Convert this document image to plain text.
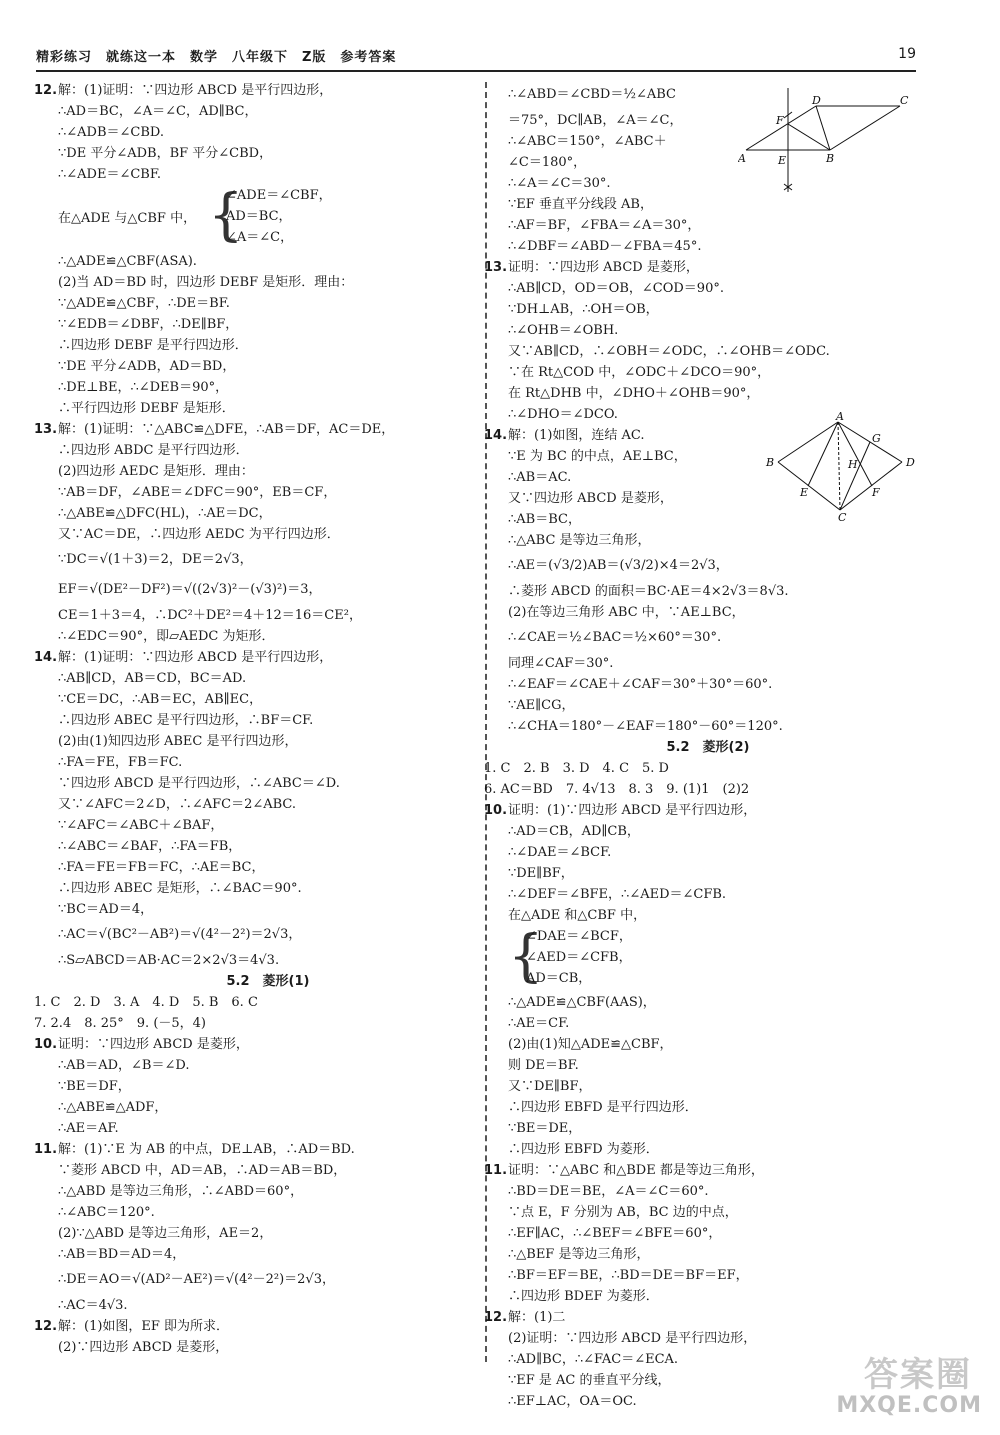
精彩练习　就练这一本　数学　八年级下　Z版　参考答案	19
12. 解：(1)证明：∵四边形 ABCD 是平行四边形，
∴AD＝BC，∠A＝∠C，AD∥BC，
∴∠ADB＝∠CBD.
∵DE 平分∠ADB，BF 平分∠CBD，
∴∠ADE＝∠CBF.
在△ADE 与△CBF 中， {
∠ADE＝∠CBF，
AD＝BC，
∠A＝∠C，
∴△ADE≌△CBF(ASA).
(2)当 AD＝BD 时，四边形 DEBF 是矩形．理由：
∵△ADE≌△CBF，∴DE＝BF.
∵∠EDB＝∠DBF，∴DE∥BF，
∴四边形 DEBF 是平行四边形．
∵DE 平分∠ADB，AD＝BD，
∴DE⊥BE，∴∠DEB＝90°，
∴平行四边形 DEBF 是矩形．
13. 解：(1)证明：∵△ABC≌△DFE，∴AB＝DF，AC＝DE，
∴四边形 ABDC 是平行四边形．
(2)四边形 AEDC 是矩形．理由：
∵AB＝DF，∠ABE＝∠DFC＝90°，EB＝CF，
∴△ABE≌△DFC(HL)，∴AE＝DC，
又∵AC＝DE，∴四边形 AEDC 为平行四边形．
∵DC＝√(1＋3)＝2，DE＝2√3，
EF＝√(DE²－DF²)＝√((2√3)²－(√3)²)＝3，
CE＝1＋3＝4，∴DC²＋DE²＝4＋12＝16＝CE²，
∴∠EDC＝90°，即▱AEDC 为矩形．
14. 解：(1)证明：∵四边形 ABCD 是平行四边形，
∴AB∥CD，AB＝CD，BC＝AD.
∵CE＝DC，∴AB＝EC，AB∥EC，
∴四边形 ABEC 是平行四边形，∴BF＝CF.
(2)由(1)知四边形 ABEC 是平行四边形，
∴FA＝FE，FB＝FC.
∵四边形 ABCD 是平行四边形，∴∠ABC＝∠D.
又∵∠AFC＝2∠D，∴∠AFC＝2∠ABC.
∵∠AFC＝∠ABC＋∠BAF，
∴∠ABC＝∠BAF，∴FA＝FB，
∴FA＝FE＝FB＝FC，∴AE＝BC，
∴四边形 ABEC 是矩形，∴∠BAC＝90°.
∵BC＝AD＝4，
∴AC＝√(BC²－AB²)＝√(4²－2²)＝2√3，
∴S▱ABCD＝AB·AC＝2×2√3＝4√3.
5.2　菱形(1)
1. C　2. D　3. A　4. D　5. B　6. C
7. 2.4　8. 25°　9. (－5，4)
10. 证明：∵四边形 ABCD 是菱形，
∴AB＝AD，∠B＝∠D.
∵BE＝DF，
∴△ABE≌△ADF，
∴AE＝AF.
11. 解：(1)∵E 为 AB 的中点，DE⊥AB，∴AD＝BD.
∵菱形 ABCD 中，AD＝AB，∴AD＝AB＝BD，
∴△ABD 是等边三角形，∴∠ABD＝60°，
∴∠ABC＝120°.
(2)∵△ABD 是等边三角形，AE＝2，
∴AB＝BD＝AD＝4，
∴DE＝AO＝√(AD²－AE²)＝√(4²－2²)＝2√3，
∴AC＝4√3.
12. 解：(1)如图，EF 即为所求．
(2)∵四边形 ABCD 是菱形，
∴∠ABD＝∠CBD＝½∠ABC
＝75°，DC∥AB，∠A＝∠C，
∴∠ABC＝150°，∠ABC＋
∠C＝180°，
∴∠A＝∠C＝30°.
∵EF 垂直平分线段 AB，
∴AF＝BF，∠FBA＝∠A＝30°，
∴∠DBF＝∠ABD－∠FBA＝45°.
13. 证明：∵四边形 ABCD 是菱形，
∴AB∥CD，OD＝OB，∠COD＝90°.
∵DH⊥AB，∴OH＝OB，
∴∠OHB＝∠OBH.
又∵AB∥CD，∴∠OBH＝∠ODC，∴∠OHB＝∠ODC.
∵在 Rt△COD 中，∠ODC＋∠DCO＝90°，
在 Rt△DHB 中，∠DHO＋∠OHB＝90°，
∴∠DHO＝∠DCO.
14. 解：(1)如图，连结 AC.
∵E 为 BC 的中点，AE⊥BC，
∴AB＝AC.
又∵四边形 ABCD 是菱形，
∴AB＝BC，
∴△ABC 是等边三角形，
∴AE＝(√3/2)AB＝(√3/2)×4＝2√3，
∴菱形 ABCD 的面积＝BC·AE＝4×2√3＝8√3.
(2)在等边三角形 ABC 中，∵AE⊥BC，
∴∠CAE＝½∠BAC＝½×60°＝30°.
同理∠CAF＝30°.
∴∠EAF＝∠CAE＋∠CAF＝30°＋30°＝60°.
∵AE∥CG，
∴∠CHA＝180°－∠EAF＝180°－60°＝120°.
5.2　菱形(2)
1. C　2. B　3. D　4. C　5. D
6. AC＝BD　7. 4√13　8. 3　9. (1)1　(2)2
10. 证明：(1)∵四边形 ABCD 是平行四边形，
∴AD＝CB，AD∥CB，
∴∠DAE＝∠BCF.
∵DE∥BF，
∴∠DEF＝∠BFE，∴∠AED＝∠CFB.
在△ADE 和△CBF 中，
{
∠DAE＝∠BCF，
∠AED＝∠CFB，
AD＝CB，
∴△ADE≌△CBF(AAS)，
∴AE＝CF.
(2)由(1)知△ADE≌△CBF，
则 DE＝BF.
又∵DE∥BF，
∴四边形 EBFD 是平行四边形．
∵BE＝DE，
∴四边形 EBFD 为菱形．
11. 证明：∵△ABC 和△BDE 都是等边三角形，
∴BD＝DE＝BE，∠A＝∠C＝60°.
∵点 E，F 分别为 AB，BC 边的中点，
∴EF∥AC，∴∠BEF＝∠BFE＝60°，
∴△BEF 是等边三角形，
∴BF＝EF＝BE，∴BD＝DE＝BF＝EF，
∴四边形 BDEF 为菱形．
12. 解：(1)二
(2)证明：∵四边形 ABCD 是平行四边形，
∴AD∥BC，∴∠FAC＝∠ECA.
∵EF 是 AC 的垂直平分线，
∴EF⊥AC，OA＝OC.
A	B
C
D
E
F
A
B
C
D
E	F
G
H
答案圈
MXQE.COM
